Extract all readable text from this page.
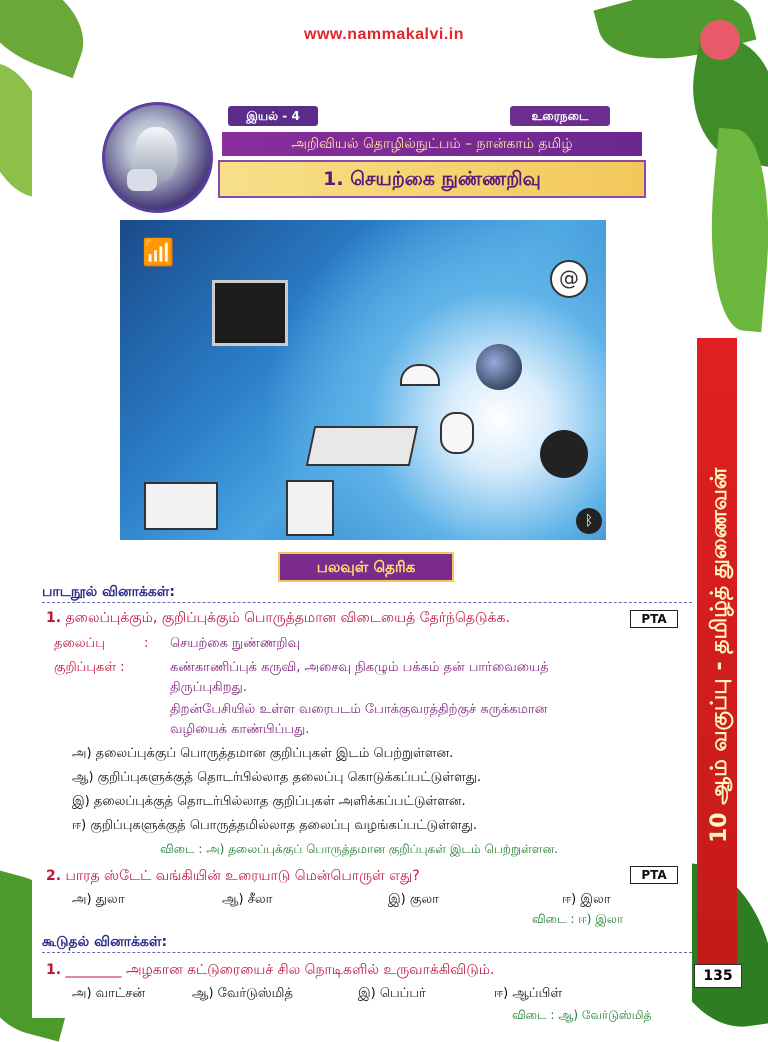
www.nammakalvi.in
இயல் - 4	உரைநடை
அறிவியல் தொழில்நுட்பம் – நான்காம் தமிழ்
1. செயற்கை நுண்ணறிவு
📶
@
ᛒ
பலவுள் தெரிக
பாடநூல் வினாக்கள்:
1. தலைப்புக்கும், குறிப்புக்கும் பொருத்தமான விடையைத் தேர்ந்தெடுக்க.	PTA
தலைப்பு	: செயற்கை நுண்ணறிவு
குறிப்புகள் :	கண்காணிப்புக் கருவி, அசைவு நிகழும் பக்கம் தன் பார்வையைத்
திருப்புகிறது.
திறன்பேசியில் உள்ள வரைபடம் போக்குவரத்திற்குச் சுருக்கமான
வழியைக் காண்பிப்பது.
அ) தலைப்புக்குப் பொருத்தமான குறிப்புகள் இடம் பெற்றுள்ளன.
ஆ) குறிப்புகளுக்குத் தொடர்பில்லாத தலைப்பு கொடுக்கப்பட்டுள்ளது.
இ) தலைப்புக்குத் தொடர்பில்லாத குறிப்புகள் அளிக்கப்பட்டுள்ளன.
ஈ) குறிப்புகளுக்குத் பொருத்தமில்லாத தலைப்பு வழங்கப்பட்டுள்ளது.
விடை : அ) தலைப்புக்குப் பொருத்தமான குறிப்புகள் இடம் பெற்றுள்ளன.
2. பாரத ஸ்டேட் வங்கியின் உரையாடு மென்பொருள் எது?	PTA
அ) துலா	ஆ) சீலா	இ) குலா	ஈ) இலா
விடை : ஈ) இலா
கூடுதல் வினாக்கள்:
1. ________ அழகான கட்டுரையைச் சில நொடிகளில் உருவாக்கிவிடும்.
அ) வாட்சன்	ஆ) வேர்டுஸ்மித்	இ) பெப்பர்	ஈ) ஆப்பிள்
விடை : ஆ) வேர்டுஸ்மித்
10 ஆம் வகுப்பு - தமிழ்த் துணைவன்
135
